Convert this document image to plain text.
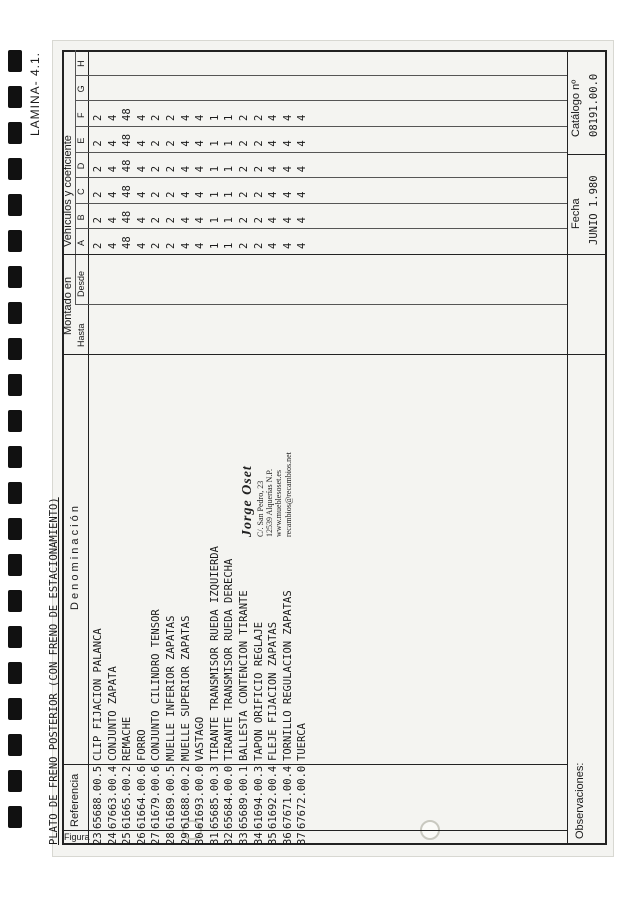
PLATO DE FRENO POSTERIOR (CON FRENO DE ESTACIONAMIENTO)
LAMINA- 4.1.
Figura
Referencia
D e n o m i n a c i ó n
Montado en
Hasta
Desde
Vehículos y coeficiente A
B
C
D
E
F
G
H
23
65688.00.5
CLIP FIJACION PALANCA
2
2
2
2
2
2
24
67663.00.4
CONJUNTO ZAPATA
4
4
4
4
4
4
25
61665.00.2
REMACHE
48
48
48
48
48
48
26
61664.00.6
FORRO
4
4
4
4
4
4
27
61679.00.6
CONJUNTO CILINDRO TENSOR
2
2
2
2
2
2
28
61689.00.5
MUELLE INFERIOR ZAPATAS
2
2
2
2
2
2
29
61688.00.2
MUELLE SUPERIOR ZAPATAS
4
4
4
4
4
4
30
61693.00.0
VASTAGO
4
4
4
4
4
4
31
65685.00.3
TIRANTE TRANSMISOR RUEDA IZQUIERDA
1
1
1
1
1
1
32
65684.00.0
TIRANTE TRANSMISOR RUEDA DERECHA
1
1
1
1
1
1
33
65689.00.1
BALLESTA CONTENCION TIRANTE
2
2
2
2
2
2
34
61694.00.3
TAPON ORIFICIO REGLAJE
2
2
2
2
2
2
35
61692.00.4
FLEJE FIJACION ZAPATAS
4
4
4
4
4
4
36
67671.00.4
TORNILLO REGULACION ZAPATAS
4
4
4
4
4
4
37
67672.00.0
TUERCA
4
4
4
4
4
4
Jorge Oset C/. San Pedro, 23 12539 Alquerías N.P. www.mueblesoset.es recambios@recambios.net
Observaciones:
Fecha JUNIO 1.980
Catálogo nº 08191.00.0
